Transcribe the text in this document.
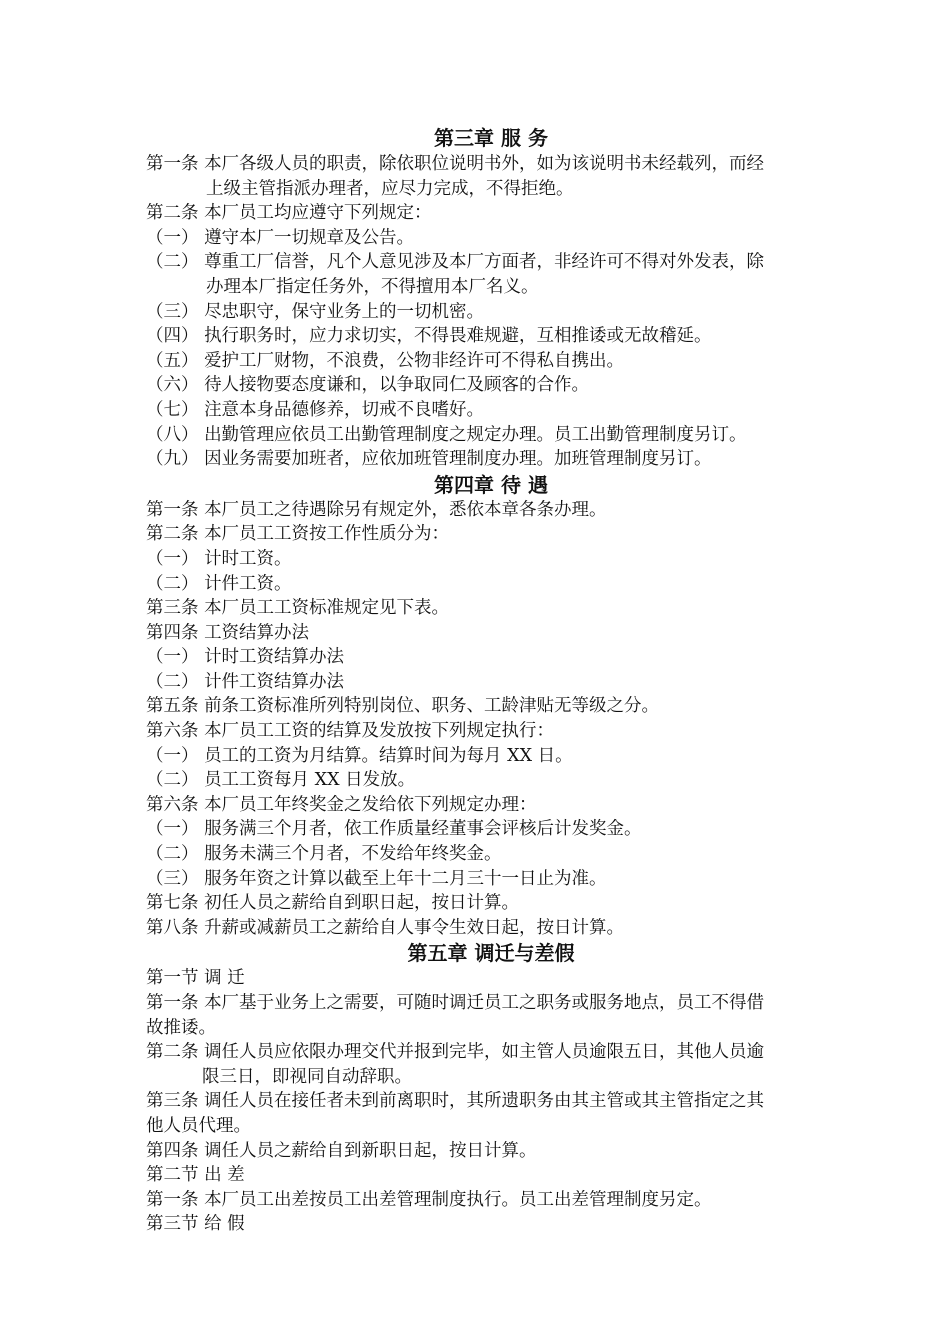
第三章 服 务
第一条 本厂各级人员的职责，除依职位说明书外，如为该说明书未经载列，而经
上级主管指派办理者，应尽力完成，不得拒绝。
第二条 本厂员工均应遵守下列规定：
（一） 遵守本厂一切规章及公告。
（二） 尊重工厂信誉，凡个人意见涉及本厂方面者，非经许可不得对外发表，除
办理本厂指定任务外，不得擅用本厂名义。
（三） 尽忠职守，保守业务上的一切机密。
（四） 执行职务时，应力求切实，不得畏难规避，互相推诿或无故稽延。
（五） 爱护工厂财物，不浪费，公物非经许可不得私自携出。
（六） 待人接物要态度谦和，以争取同仁及顾客的合作。
（七） 注意本身品德修养，切戒不良嗜好。
（八） 出勤管理应依员工出勤管理制度之规定办理。员工出勤管理制度另订。
（九） 因业务需要加班者，应依加班管理制度办理。加班管理制度另订。
第四章 待 遇
第一条 本厂员工之待遇除另有规定外，悉依本章各条办理。
第二条 本厂员工工资按工作性质分为：
（一） 计时工资。
（二） 计件工资。
第三条 本厂员工工资标准规定见下表。
第四条 工资结算办法
（一） 计时工资结算办法
（二） 计件工资结算办法
第五条 前条工资标准所列特别岗位、职务、工龄津贴无等级之分。
第六条 本厂员工工资的结算及发放按下列规定执行：
（一） 员工的工资为月结算。结算时间为每月 XX 日。
（二） 员工工资每月 XX 日发放。
第六条 本厂员工年终奖金之发给依下列规定办理：
（一） 服务满三个月者，依工作质量经董事会评核后计发奖金。
（二） 服务未满三个月者，不发给年终奖金。
（三） 服务年资之计算以截至上年十二月三十一日止为准。
第七条 初任人员之薪给自到职日起，按日计算。
第八条 升薪或减薪员工之薪给自人事令生效日起，按日计算。
第五章 调迁与差假
第一节 调 迁
第一条 本厂基于业务上之需要，可随时调迁员工之职务或服务地点，员工不得借
故推诿。
第二条 调任人员应依限办理交代并报到完毕，如主管人员逾限五日，其他人员逾
限三日，即视同自动辞职。
第三条 调任人员在接任者未到前离职时，其所遗职务由其主管或其主管指定之其
他人员代理。
第四条 调任人员之薪给自到新职日起，按日计算。
第二节 出 差
第一条 本厂员工出差按员工出差管理制度执行。员工出差管理制度另定。
第三节 给 假
